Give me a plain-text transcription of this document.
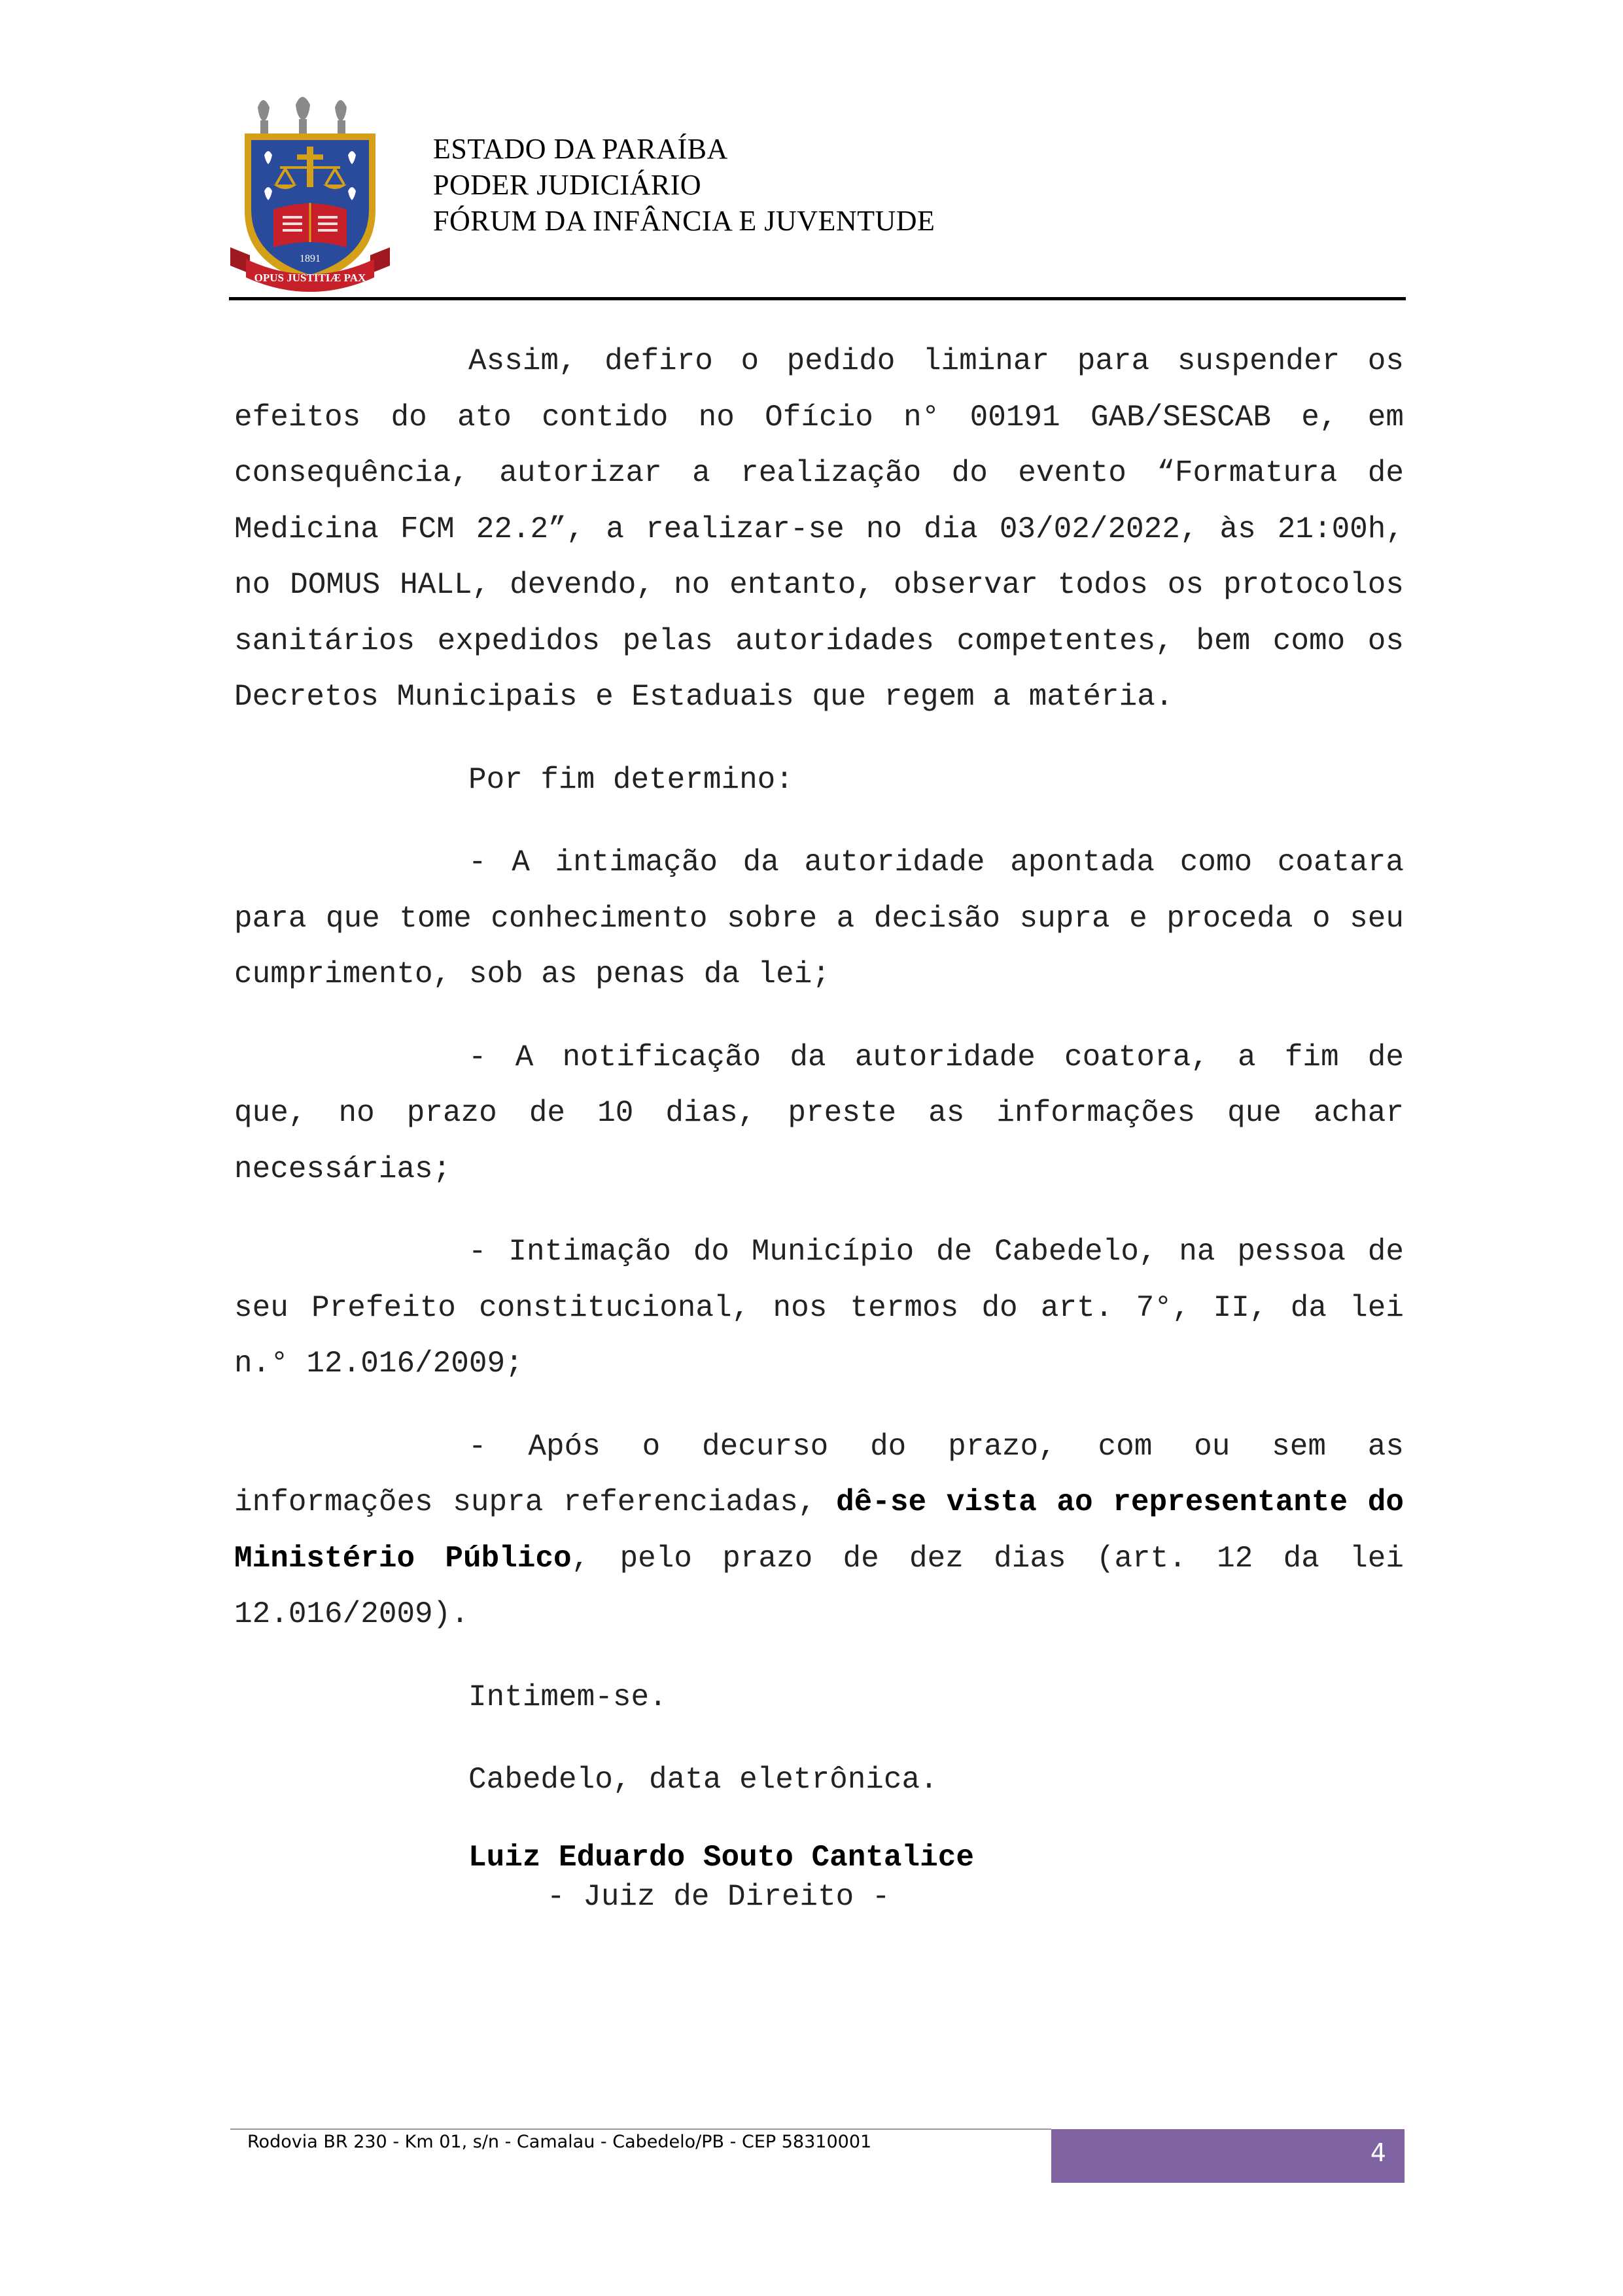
1891
OPUS JUSTITIÆ PAX
ESTADO DA PARAÍBA
PODER JUDICIÁRIO
FÓRUM DA INFÂNCIA E JUVENTUDE

Assim, defiro o pedido liminar para suspender os efeitos do ato contido no Ofício n° 00191 GAB/SESCAB e, em consequência, autorizar a realização do evento “Formatura de Medicina FCM 22.2”, a realizar-se no dia 03/02/2022, às 21:00h, no DOMUS HALL, devendo, no entanto, observar todos os protocolos sanitários expedidos pelas autoridades competentes, bem como os Decretos Municipais e Estaduais que regem a matéria.

Por fim determino:

- A intimação da autoridade apontada como coatara para que tome conhecimento sobre a decisão supra e proceda o seu cumprimento, sob as penas da lei;

- A notificação da autoridade coatora, a fim de que, no prazo de 10 dias, preste as informações que achar necessárias;

- Intimação do Município de Cabedelo, na pessoa de seu Prefeito constitucional, nos termos do art. 7°, II, da lei n.° 12.016/2009;

- Após o decurso do prazo, com ou sem as informações supra referenciadas, dê-se vista ao representante do Ministério Público, pelo prazo de dez dias (art. 12 da lei 12.016/2009).

Intimem-se.

Cabedelo, data eletrônica.

Luiz Eduardo Souto Cantalice

- Juiz de Direito -

Rodovia BR 230 - Km 01, s/n - Camalau - Cabedelo/PB - CEP 58310001	4
